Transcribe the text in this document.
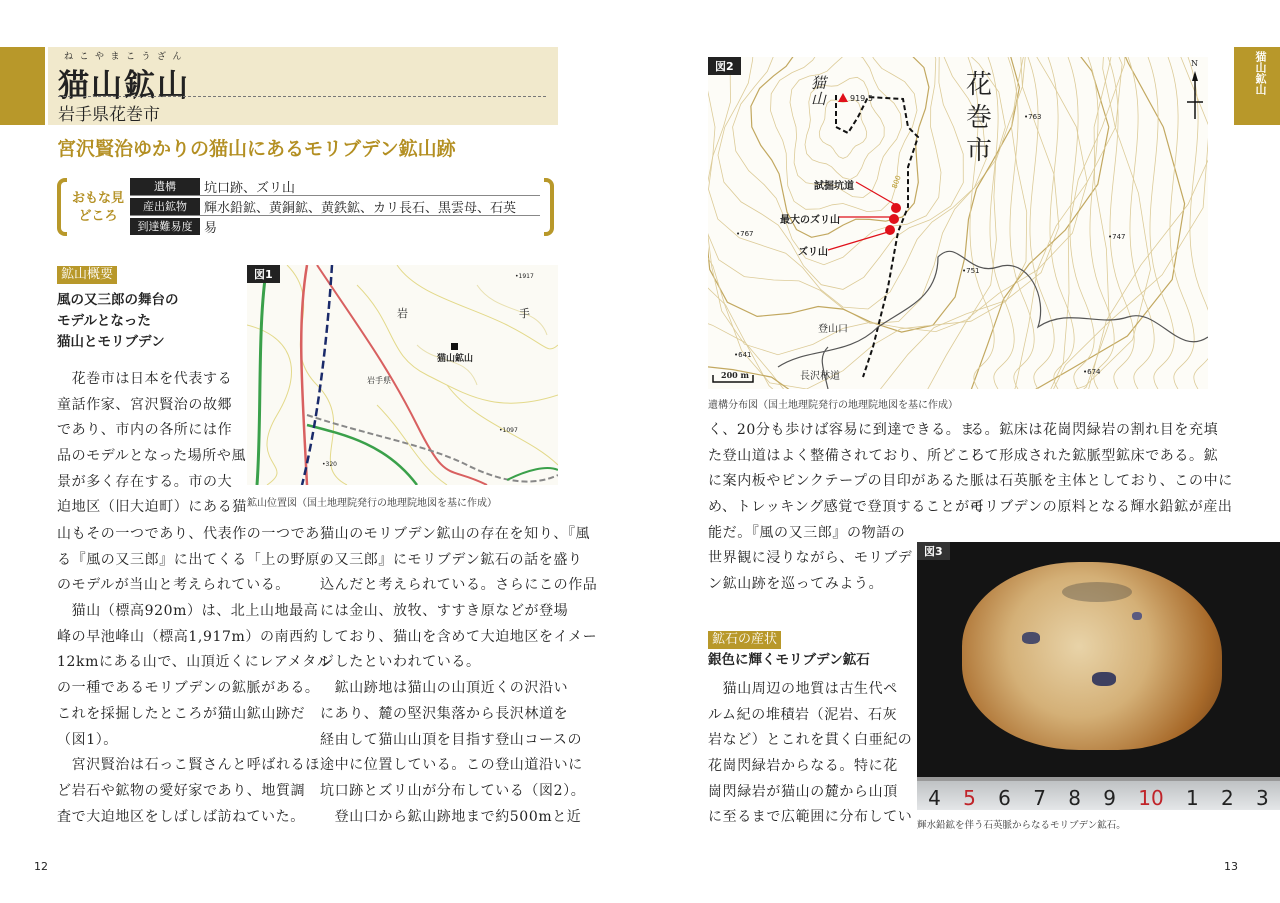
ねこやまこうざん
猫山鉱山
岩手県花巻市
宮沢賢治ゆかりの猫山にあるモリブデン鉱山跡
おもな見どころ
遺構	坑口跡、ズリ山
産出鉱物	輝水鉛鉱、黄銅鉱、黄鉄鉱、カリ長石、黒雲母、石英
到達難易度 易
鉱山概要
風の又三郎の舞台の
モデルとなった
猫山とモリブデン
　花巻市は日本を代表する
童話作家、宮沢賢治の故郷
であり、市内の各所には作
品のモデルとなった場所や風
景が多く存在する。市の大
迫地区（旧大迫町）にある猫
山もその一つであり、代表作の一つであ
る『風の又三郎』に出てくる「上の野原」
のモデルが当山と考えられている。
　猫山（標高920m）は、北上山地最高
峰の早池峰山（標高1,917m）の南西約
12kmにある山で、山頂近くにレアメタル
の一種であるモリブデンの鉱脈がある。
これを採掘したところが猫山鉱山跡だ
（図1）。
　宮沢賢治は石っこ賢さんと呼ばれるほ
ど岩石や鉱物の愛好家であり、地質調
査で大迫地区をしばしば訪ねていた。
猫山のモリブデン鉱山の存在を知り、『風
の又三郎』にモリブデン鉱石の話を盛り
込んだと考えられている。さらにこの作品
には金山、放牧、すすき原などが登場
しており、猫山を含めて大迫地区をイメー
ジしたといわれている。
　鉱山跡地は猫山の山頂近くの沢沿い
にあり、麓の堅沢集落から長沢林道を
経由して猫山山頂を目指す登山コースの
途中に位置している。この登山道沿いに
坑口跡とズリ山が分布している（図2）。
　登山口から鉱山跡地まで約500mと近
図1
岩	手
猫山鉱山
岩手県
•1917
•1097
•320
鉱山位置図（国土地理院発行の地理院地図を基に作成）
12
猫山鉱山
図2
猫山	919.5	花巻市
N
試掘坑道
最大のズリ山
ズリ山
登山口
長沢林道
200 m
800
•763
•767	•747
•751
•641
•674
遺構分布図（国土地理院発行の地理院地図を基に作成）
く、20分も歩けば容易に到達できる。ま
た登山道はよく整備されており、所どころ
に案内板やピンクテープの目印があるた
め、トレッキング感覚で登頂することが可
能だ。『風の又三郎』の物語の
世界観に浸りながら、モリブデ
ン鉱山跡を巡ってみよう。
る。鉱床は花崗閃緑岩の割れ目を充填
して形成された鉱脈型鉱床である。鉱
脈は石英脈を主体としており、この中に
モリブデンの原料となる輝水鉛鉱が産出
図3
4 5 6 7 8 9 10 1 2 3
輝水鉛鉱を伴う石英脈からなるモリブデン鉱石。
鉱石の産状
銀色に輝くモリブデン鉱石
　猫山周辺の地質は古生代ペ
ルム紀の堆積岩（泥岩、石灰
岩など）とこれを貫く白亜紀の
花崗閃緑岩からなる。特に花
崗閃緑岩が猫山の麓から山頂
に至るまで広範囲に分布してい
13
